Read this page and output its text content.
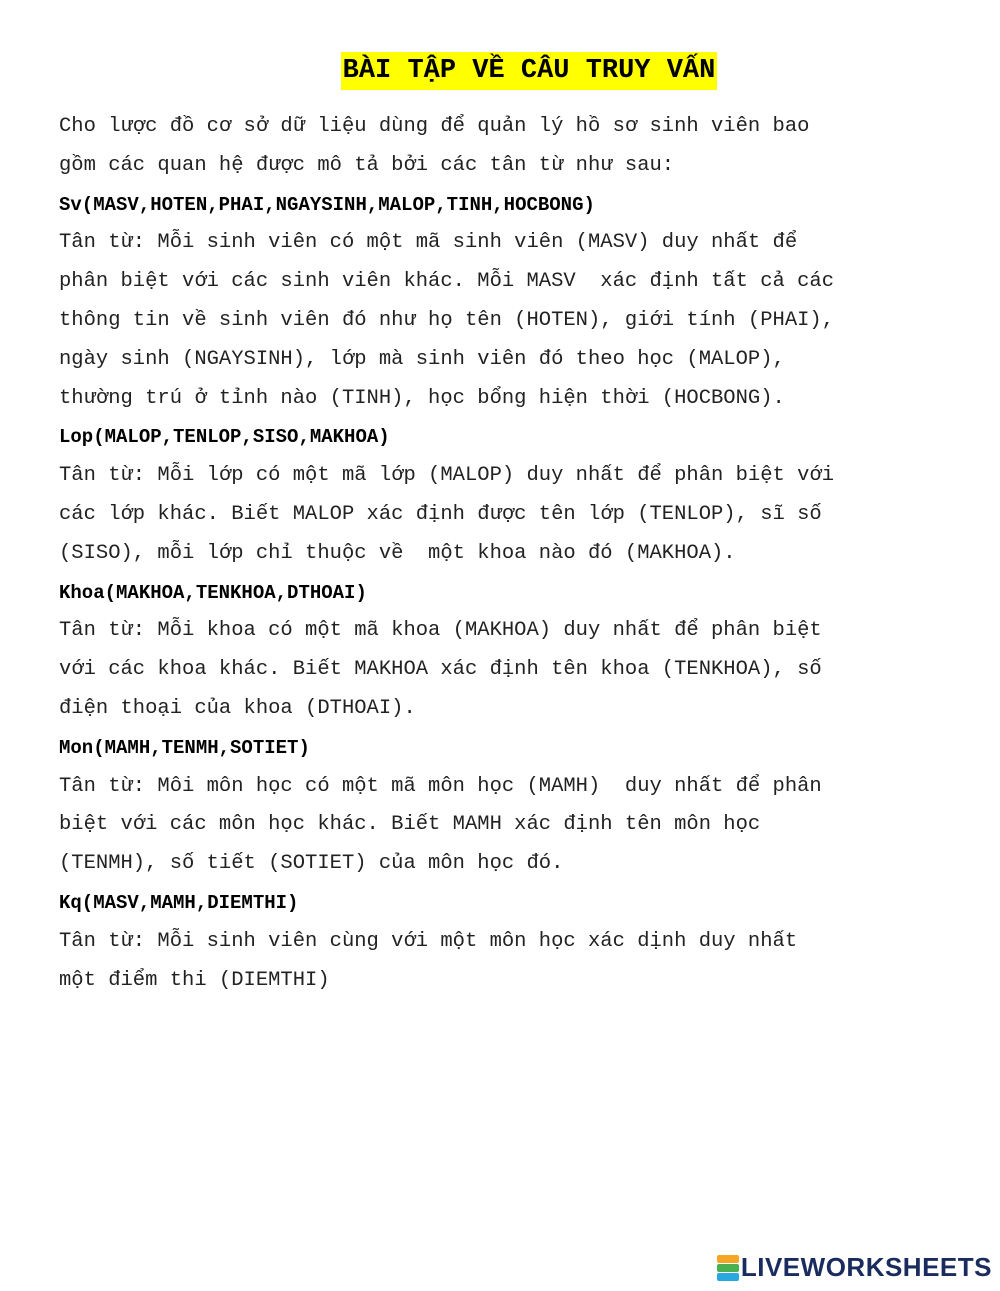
BÀI TẬP VỀ CÂU TRUY VẤN
Cho lược đồ cơ sở dữ liệu dùng để quản lý hồ sơ sinh viên bao
gồm các quan hệ được mô tả bởi các tân từ như sau:
Sv(MASV,HOTEN,PHAI,NGAYSINH,MALOP,TINH,HOCBONG)
Tân từ: Mỗi sinh viên có một mã sinh viên (MASV) duy nhất để
phân biệt với các sinh viên khác. Mỗi MASV  xác định tất cả các
thông tin về sinh viên đó như họ tên (HOTEN), giới tính (PHAI),
ngày sinh (NGAYSINH), lớp mà sinh viên đó theo học (MALOP),
thường trú ở tỉnh nào (TINH), học bổng hiện thời (HOCBONG).
Lop(MALOP,TENLOP,SISO,MAKHOA)
Tân từ: Mỗi lớp có một mã lớp (MALOP) duy nhất để phân biệt với
các lớp khác. Biết MALOP xác định được tên lớp (TENLOP), sĩ số
(SISO), mỗi lớp chỉ thuộc về  một khoa nào đó (MAKHOA).
Khoa(MAKHOA,TENKHOA,DTHOAI)
Tân từ: Mỗi khoa có một mã khoa (MAKHOA) duy nhất để phân biệt
với các khoa khác. Biết MAKHOA xác định tên khoa (TENKHOA), số
điện thoại của khoa (DTHOAI).
Mon(MAMH,TENMH,SOTIET)
Tân từ: Môi môn học có một mã môn học (MAMH)  duy nhất để phân
biệt với các môn học khác. Biết MAMH xác định tên môn học
(TENMH), số tiết (SOTIET) của môn học đó.
Kq(MASV,MAMH,DIEMTHI)
Tân từ: Mỗi sinh viên cùng với một môn học xác dịnh duy nhất
một điểm thi (DIEMTHI)
LIVEWORKSHEETS
